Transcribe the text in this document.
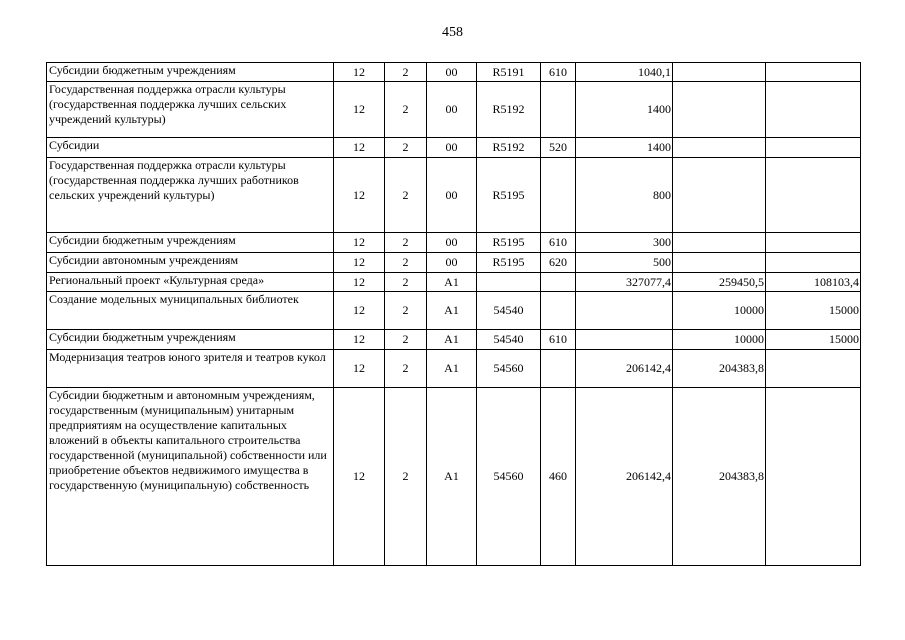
458
Субсидии бюджетным учреждениям	12	2	00	R5191	610	1040,1		
Государственная поддержка отрасли культуры (государственная поддержка лучших сельских учреждений культуры)	12	2	00	R5192		1400		
Субсидии	12	2	00	R5192	520	1400		
Государственная поддержка отрасли культуры (государственная поддержка лучших работников сельских учреждений культуры)	12	2	00	R5195		800		
Субсидии бюджетным учреждениям	12	2	00	R5195	610	300		
Субсидии автономным учреждениям	12	2	00	R5195	620	500		
Региональный проект «Культурная среда»	12	2	A1			327077,4	259450,5	108103,4
Создание модельных муниципальных библиотек	12	2	A1	54540			10000	15000
Субсидии бюджетным учреждениям	12	2	A1	54540	610		10000	15000
Модернизация театров юного зрителя и театров кукол	12	2	A1	54560		206142,4	204383,8	
Субсидии бюджетным и автономным учреждениям, государственным (муниципальным) унитарным предприятиям на осуществление капитальных вложений в объекты капитального строительства государственной (муниципальной) собственности или приобретение объектов недвижимого имущества в государственную (муниципальную) собственность	12	2	A1	54560	460	206142,4	204383,8	
